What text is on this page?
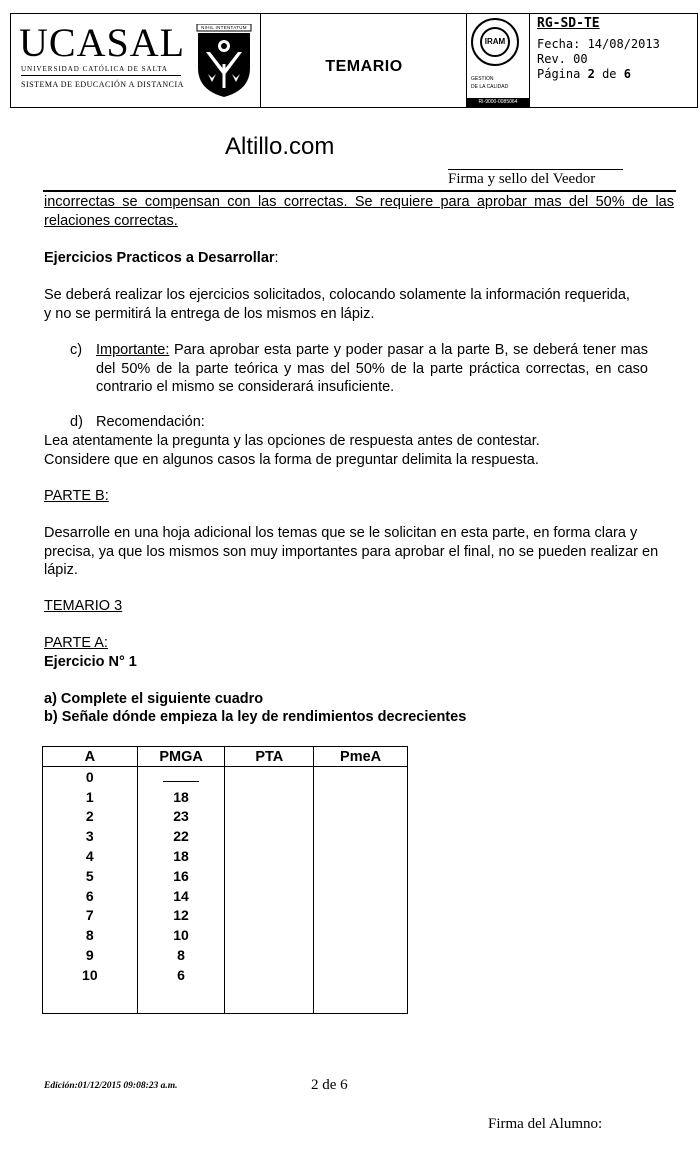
UCASAL
UNIVERSIDAD CATÓLICA DE SALTA
SISTEMA DE EDUCACIÓN A DISTANCIA
NIHIL INTENTATUM
TEMARIO
IRAM
GESTION
DE LA CALIDAD
RI-9000-0085064
RG-SD-TE
Fecha: 14/08/2013
Rev. 00
Página 2 de 6
Altillo.com
Firma y sello del Veedor
incorrectas se compensan con las correctas. Se requiere para aprobar mas del 50% de las relaciones correctas.
Ejercicios Practicos a Desarrollar:
Se deberá realizar los ejercicios solicitados, colocando solamente la información requerida, y no se permitirá la entrega de los mismos en lápiz.
c) Importante: Para aprobar esta parte y poder pasar a la parte B, se deberá tener mas del 50% de la parte teórica y mas del 50% de la parte práctica correctas, en caso contrario el mismo se considerará insuficiente.
d) Recomendación:
Lea atentamente la pregunta y las opciones de respuesta antes de contestar.
Considere que en algunos casos la forma de preguntar delimita la respuesta.
PARTE B:
Desarrolle en una hoja adicional los temas que se le solicitan en esta parte, en forma clara y precisa, ya que los mismos son muy importantes para aprobar el final, no se pueden realizar en lápiz.
TEMARIO 3
PARTE A:
Ejercicio N° 1
a) Complete el siguiente cuadro
b) Señale dónde empieza la ley de rendimientos decrecientes
A	PMGA	PTA	PmeA
0			
1	18		
2	23		
3	22		
4	18		
5	16		
6	14		
7	12		
8	10		
9	8		
10	6		

Edición:01/12/2015 09:08:23 a.m.	2 de 6
Firma del Alumno:
